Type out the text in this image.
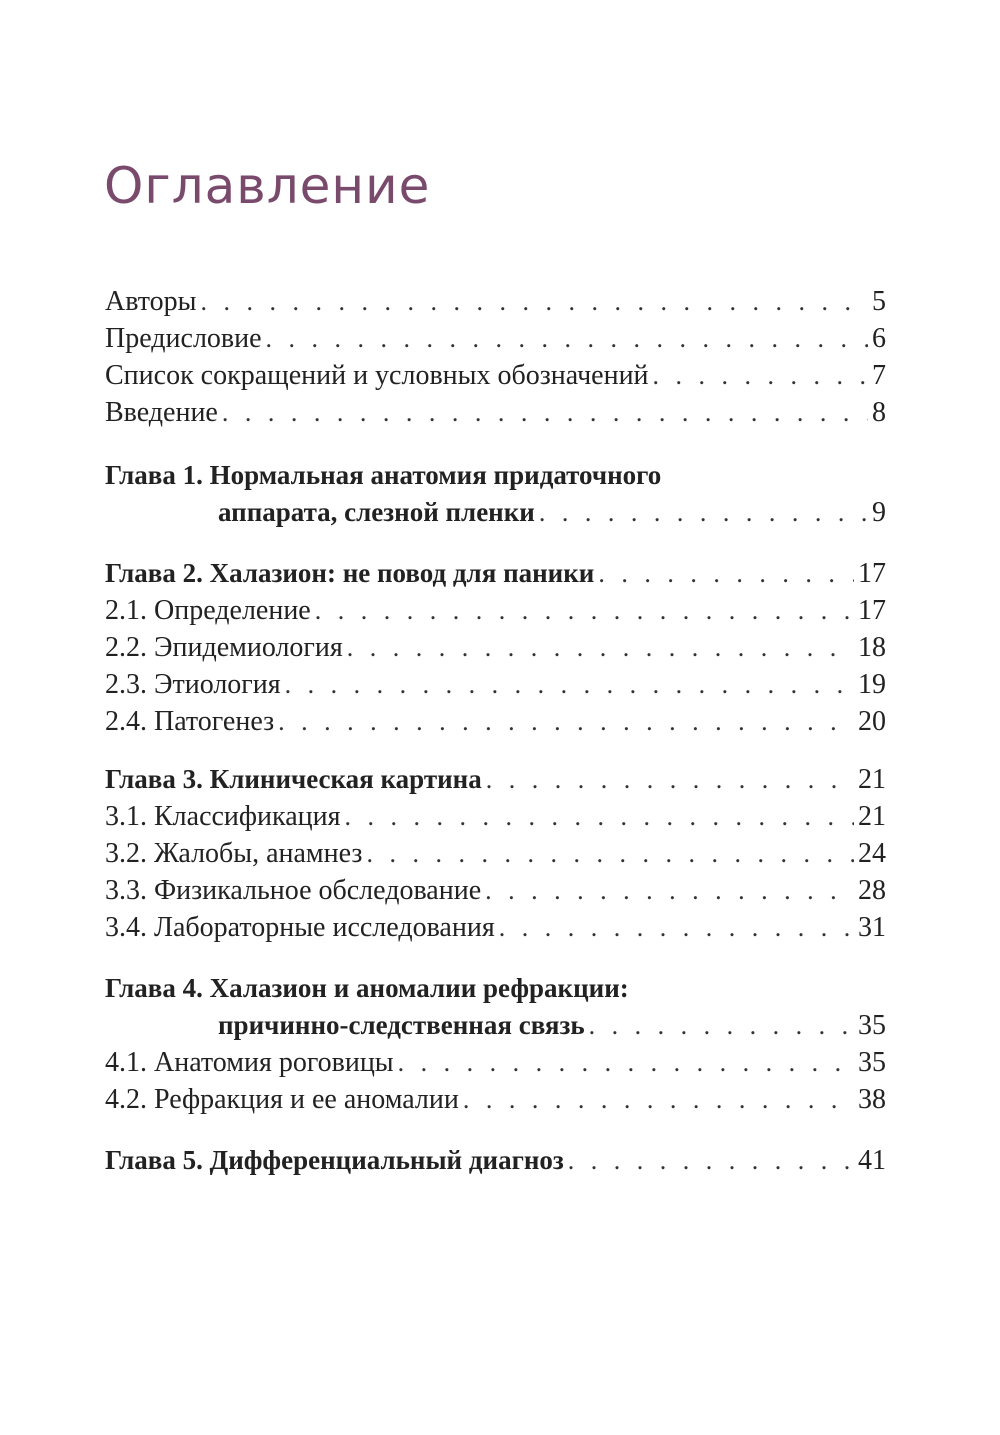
Оглавление
Авторы . . .	5
Предисловие . . .	6
Список сокращений и условных обозначений . . .	7
Введение . . .	8
Глава 1. Нормальная анатомия придаточного
аппарата, слезной пленки . . .	9
Глава 2. Халазион: не повод для паники . . .	17
2.1. Определение . . .	17
2.2. Эпидемиология . . .	18
2.3. Этиология . . .	19
2.4. Патогенез . . .	20
Глава 3. Клиническая картина . . .	21
3.1. Классификация . . .	21
3.2. Жалобы, анамнез . . .	24
3.3. Физикальное обследование . . .	28
3.4. Лабораторные исследования . . .	31
Глава 4. Халазион и аномалии рефракции:
причинно-следственная связь . . .	35
4.1. Анатомия роговицы . . .	35
4.2. Рефракция и ее аномалии . . .	38
Глава 5. Дифференциальный диагноз . . .	41
